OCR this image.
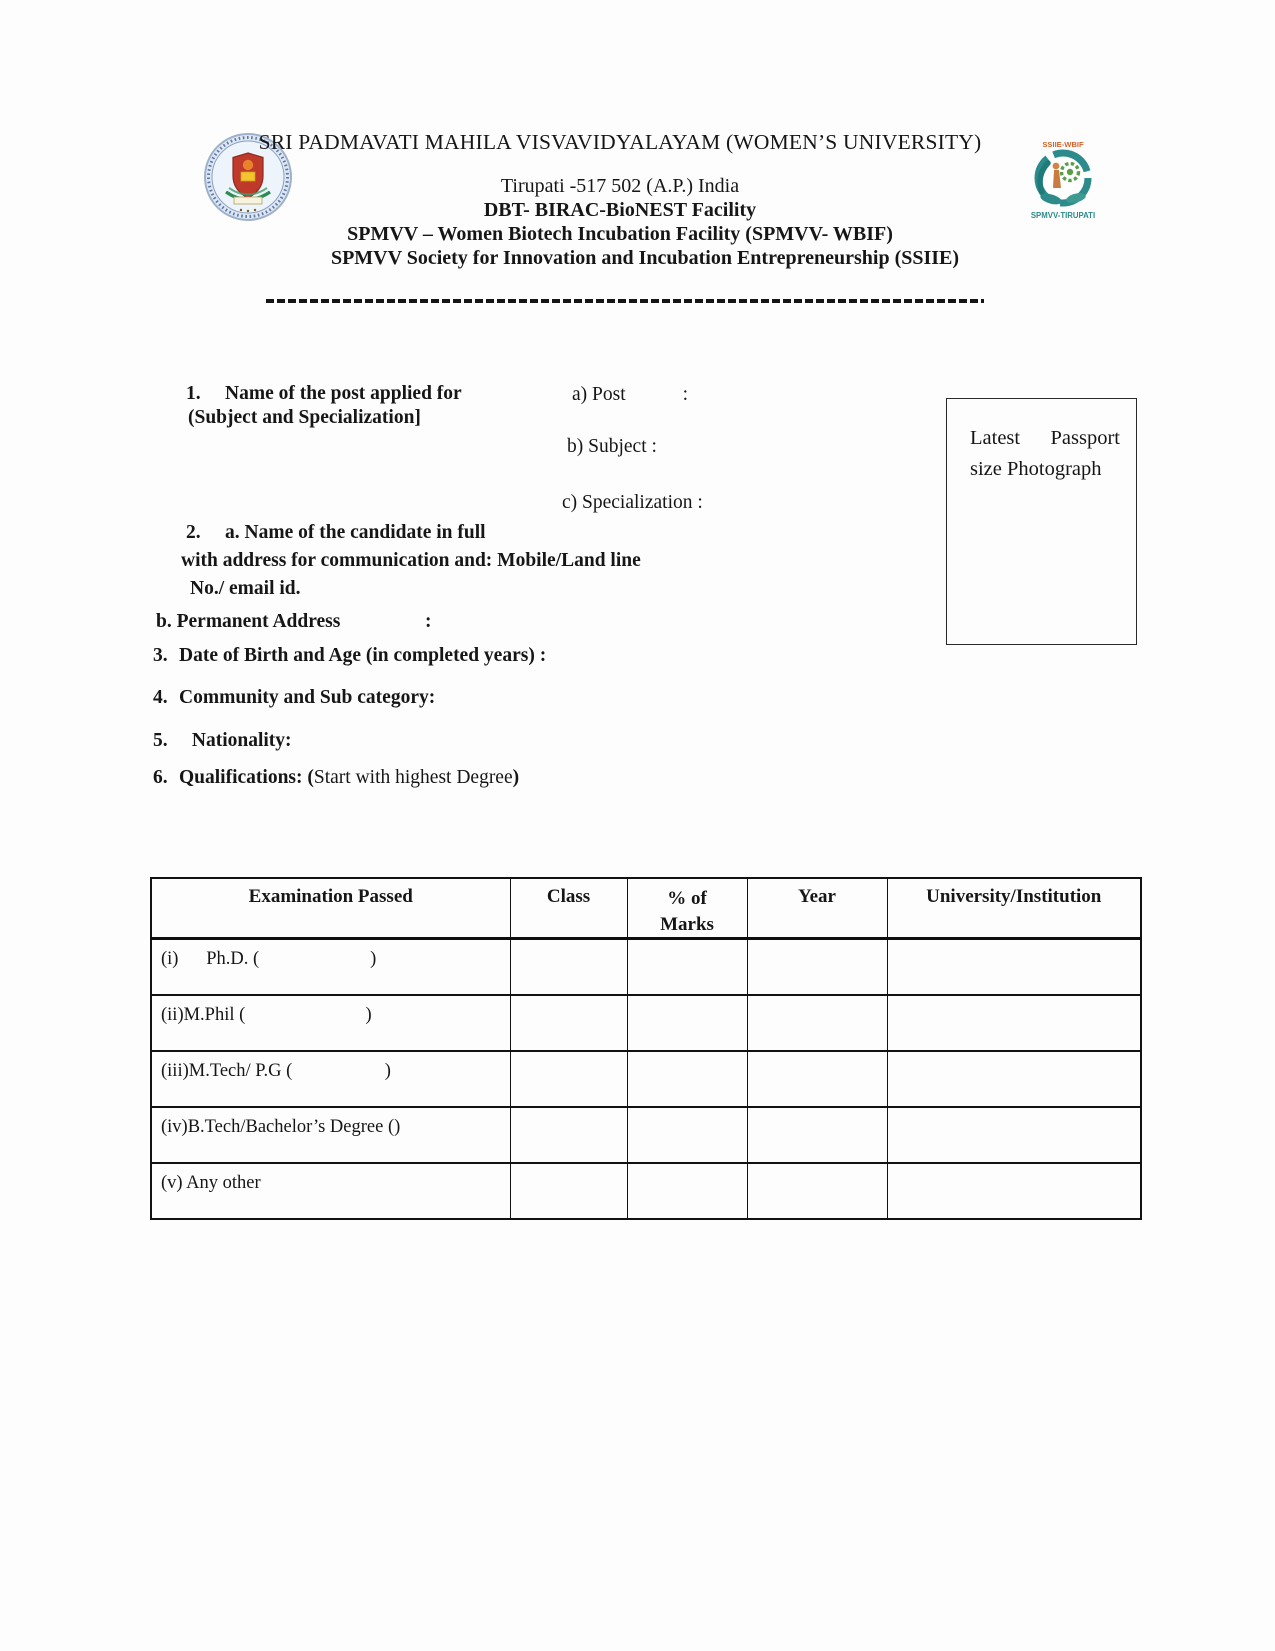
SRI PADMAVATI MAHILA VISVAVIDYALAYAM (WOMEN’S UNIVERSITY)
Tirupati -517 502 (A.P.) India
DBT- BIRAC-BioNEST Facility
SPMVV – Women Biotech Incubation Facility (SPMVV- WBIF)
SPMVV Society for Innovation and Incubation Entrepreneurship (SSIIE)
SSIIE-WBIF
SPMVV-TIRUPATI
Latest Passport size Photograph
1. Name of the post applied for
(Subject and Specialization]
a) Post	:
b) Subject :
c) Specialization :
2. a. Name of the candidate in full
with address for communication and: Mobile/Land line
No./ email id.
b. Permanent Address	:
3. Date of Birth and Age (in completed years) :
4. Community and Sub category:
5. Nationality:
6. Qualifications: (Start with highest Degree)
Examination Passed	Class	% of Marks	Year	University/Institution
(i)      Ph.D. (                        )				
(ii)M.Phil (                          )				
(iii)M.Tech/ P.G (                    )				
(iv)B.Tech/Bachelor’s Degree ()				
(v) Any other				
